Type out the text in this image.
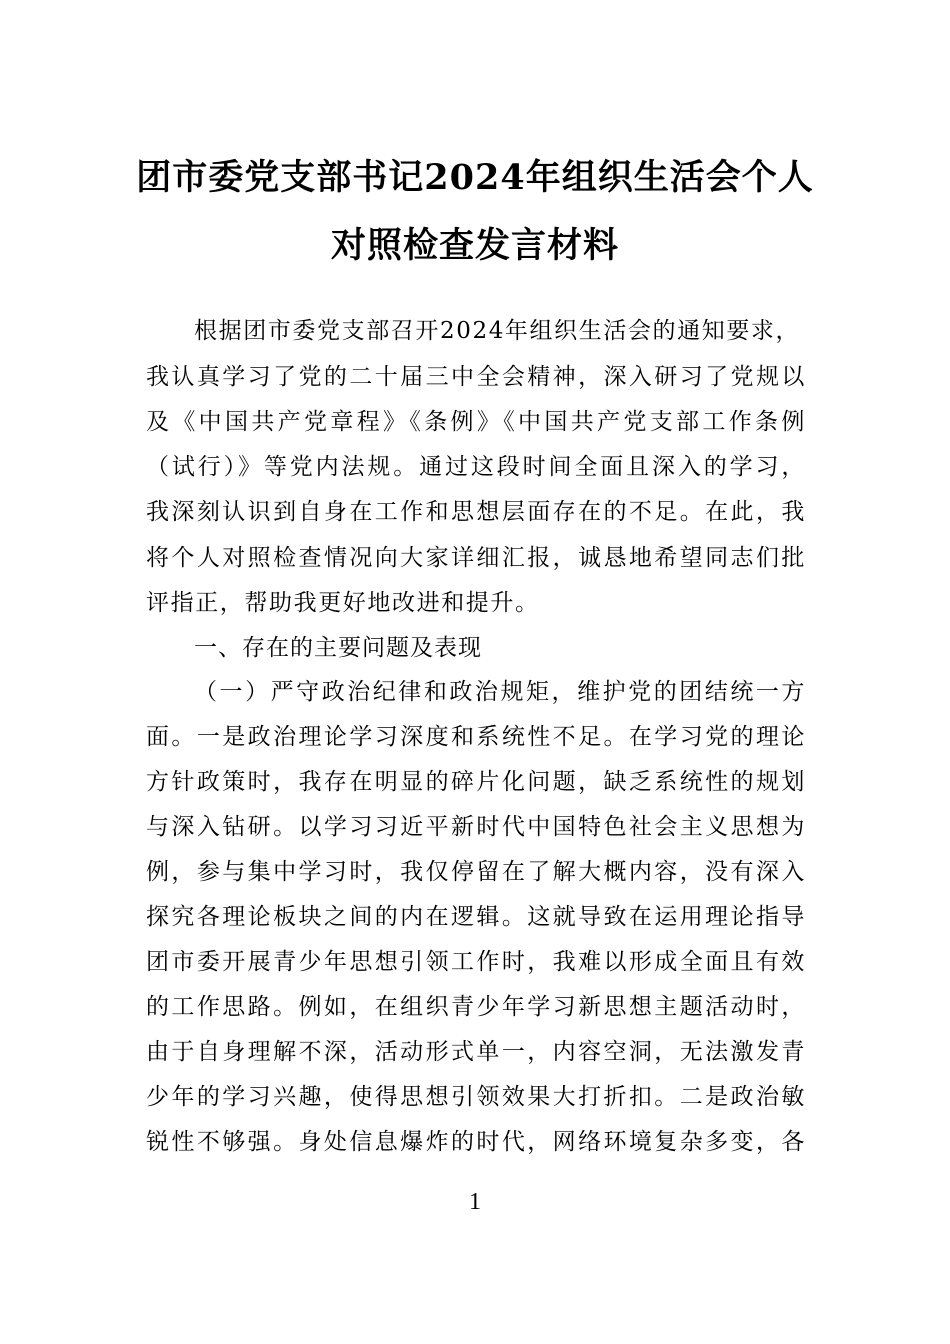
团市委党支部书记2024年组织生活会个人
对照检查发言材料
根据团市委党支部召开2024年组织生活会的通知要求，
我认真学习了党的二十届三中全会精神，深入研习了党规以
及《中国共产党章程》《条例》《中国共产党支部工作条例
（试行）》等党内法规。通过这段时间全面且深入的学习，
我深刻认识到自身在工作和思想层面存在的不足。在此，我
将个人对照检查情况向大家详细汇报，诚恳地希望同志们批
评指正，帮助我更好地改进和提升。
一、存在的主要问题及表现
（一）严守政治纪律和政治规矩，维护党的团结统一方
面。一是政治理论学习深度和系统性不足。在学习党的理论
方针政策时，我存在明显的碎片化问题，缺乏系统性的规划
与深入钻研。以学习习近平新时代中国特色社会主义思想为
例，参与集中学习时，我仅停留在了解大概内容，没有深入
探究各理论板块之间的内在逻辑。这就导致在运用理论指导
团市委开展青少年思想引领工作时，我难以形成全面且有效
的工作思路。例如，在组织青少年学习新思想主题活动时，
由于自身理解不深，活动形式单一，内容空洞，无法激发青
少年的学习兴趣，使得思想引领效果大打折扣。二是政治敏
锐性不够强。身处信息爆炸的时代，网络环境复杂多变，各
1
